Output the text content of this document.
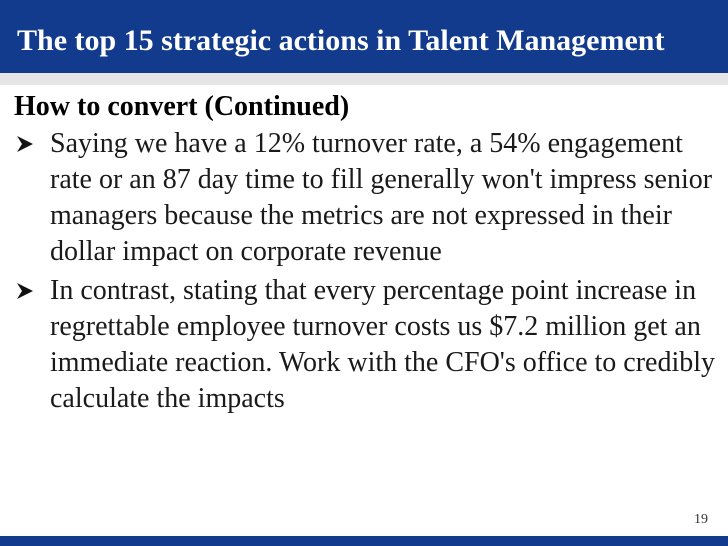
The top 15 strategic actions in Talent Management
How to convert (Continued)
Saying we have a 12% turnover rate, a 54% engagement rate or an 87 day time to fill generally won't impress senior managers because the metrics are not expressed in their dollar impact on corporate revenue
In contrast, stating that every percentage point increase in regrettable employee turnover costs us $7.2 million get an immediate reaction. Work with the CFO's office to credibly calculate the impacts
19
